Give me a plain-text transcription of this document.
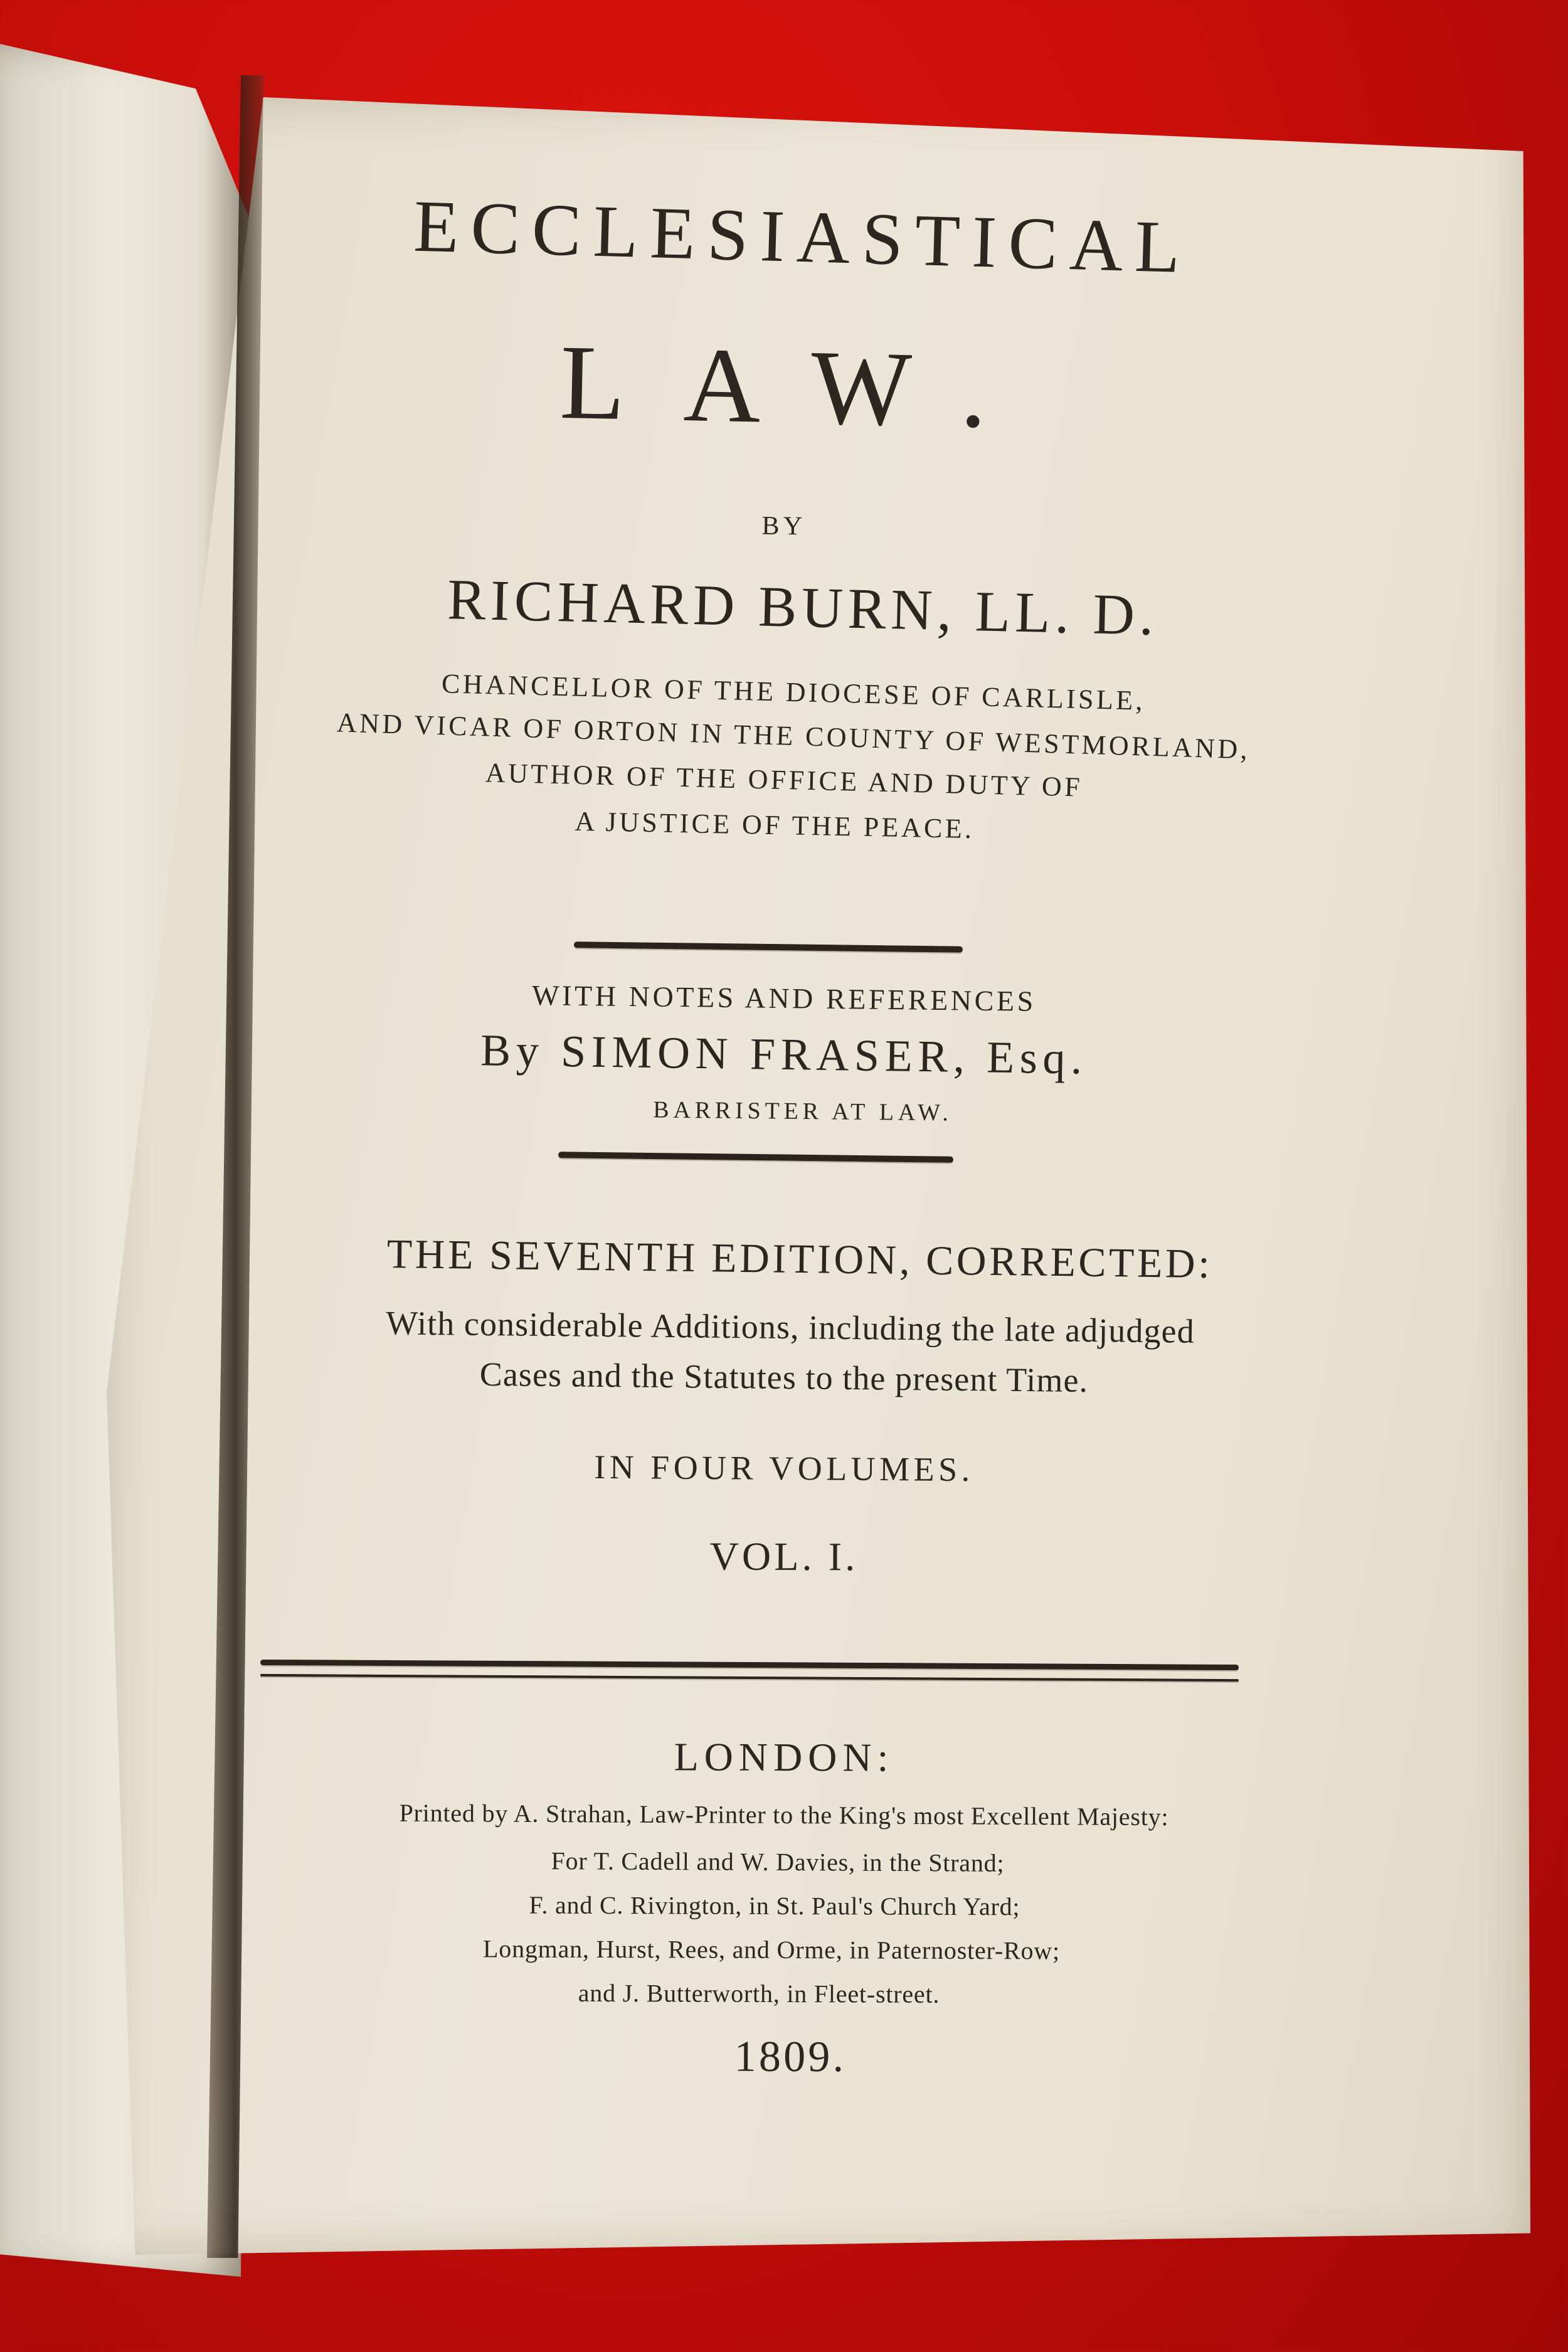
ECCLESIASTICAL
LAW.
BY
RICHARD BURN, LL. D.
CHANCELLOR OF THE DIOCESE OF CARLISLE,
AND VICAR OF ORTON IN THE COUNTY OF WESTMORLAND,
AUTHOR OF THE OFFICE AND DUTY OF
A JUSTICE OF THE PEACE.
WITH NOTES AND REFERENCES
By SIMON FRASER, Esq.
BARRISTER AT LAW.
THE SEVENTH EDITION, CORRECTED:
With considerable Additions, including the late adjudged
Cases and the Statutes to the present Time.
IN FOUR VOLUMES.
VOL. I.
LONDON:
Printed by A. Strahan, Law-Printer to the King's most Excellent Majesty:
For T. Cadell and W. Davies, in the Strand;
F. and C. Rivington, in St. Paul's Church Yard;
Longman, Hurst, Rees, and Orme, in Paternoster-Row;
and J. Butterworth, in Fleet-street.
1809.
